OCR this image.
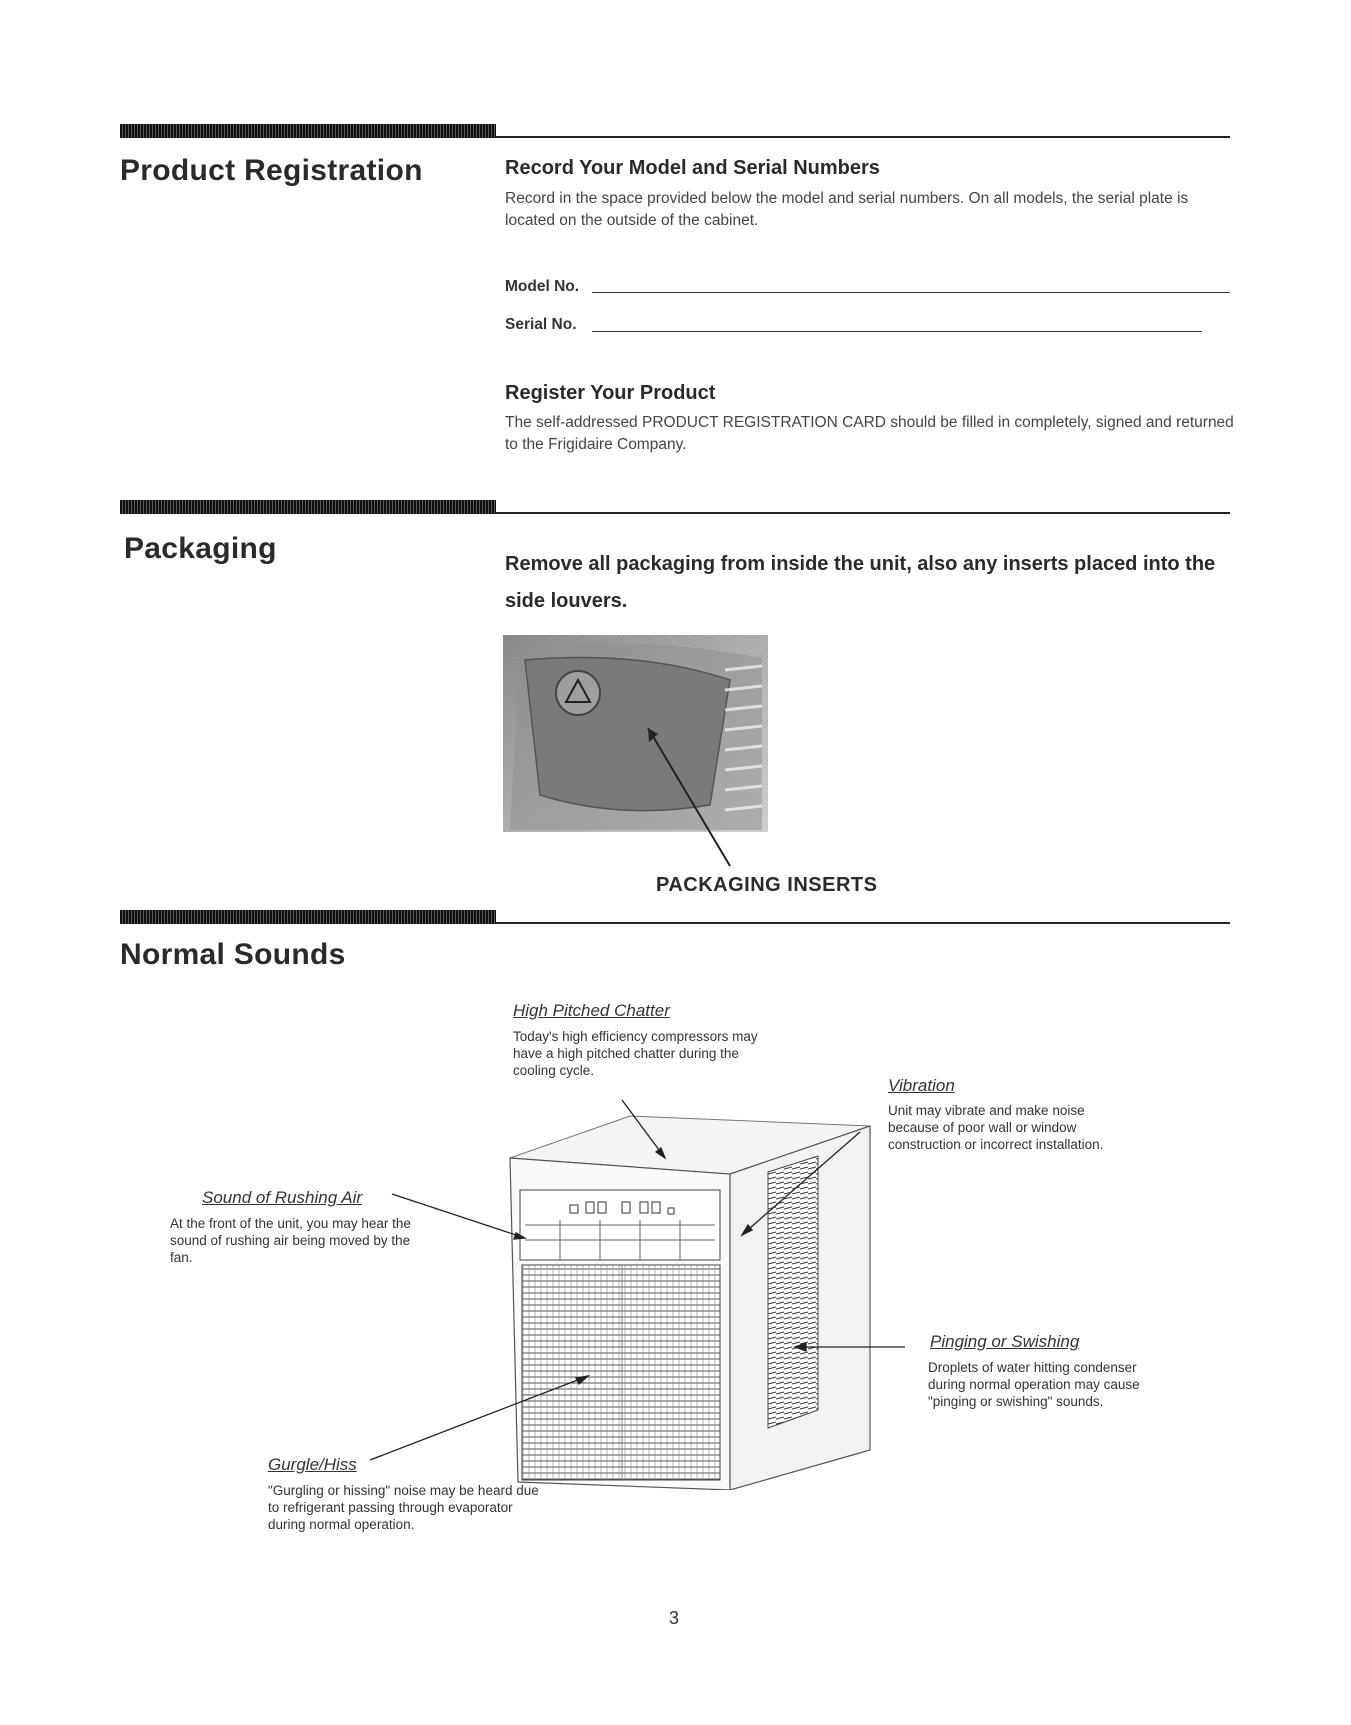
Product Registration	Record Your Model and Serial Numbers
Record in the space provided below the model and serial numbers. On all models, the serial plate is located on the outside of the cabinet.
Model No.
Serial No.
Register Your Product
The self-addressed PRODUCT REGISTRATION CARD should be filled in completely, signed and returned to the Frigidaire Company.
Packaging	Remove all packaging from inside the unit, also any inserts placed into the side louvers.
PACKAGING INSERTS
Normal Sounds
High Pitched Chatter
Today's high efficiency compressors may have a high pitched chatter during the cooling cycle.
Vibration
Unit may vibrate and make noise because of poor wall or window construction or incorrect installation.
Sound of Rushing Air
At the front of the unit, you may hear the sound of rushing air being moved by the fan.
Pinging or Swishing
Droplets of water hitting condenser during normal operation may cause "pinging or swishing" sounds.
Gurgle/Hiss
"Gurgling or hissing" noise may be heard due to refrigerant passing through evaporator during normal operation.
3
